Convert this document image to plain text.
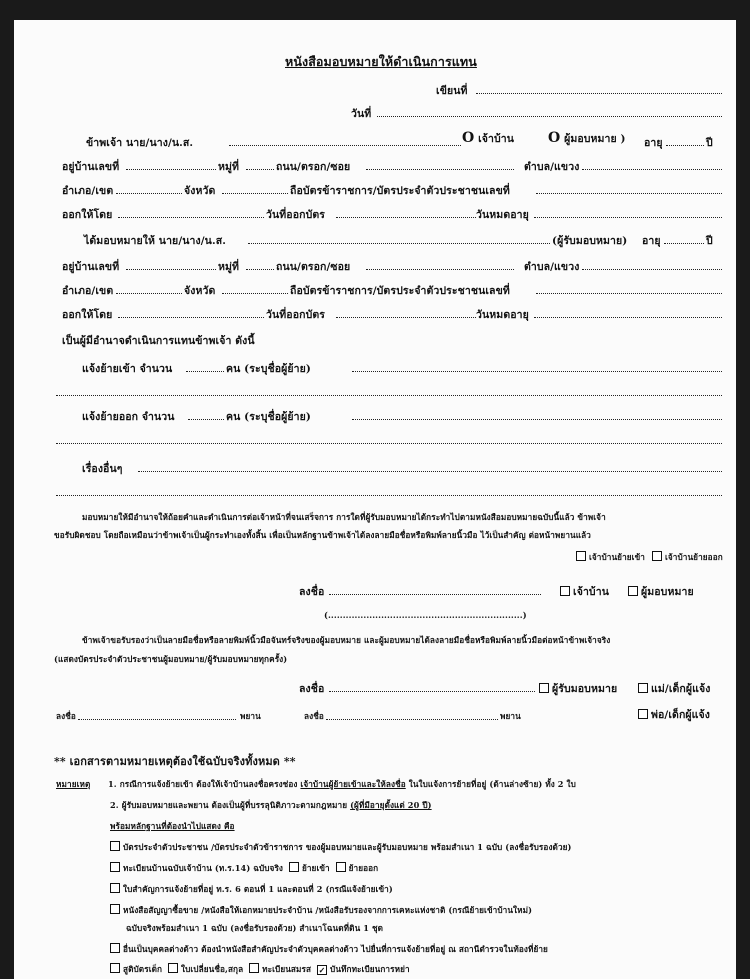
หนังสือมอบหมายให้ดำเนินการแทน
เขียนที่
วันที่
ข้าพเจ้า นาย/นาง/น.ส.	O เจ้าบ้าน O ผู้มอบหมาย ) อายุ	ปี
อยู่บ้านเลขที่	หมู่ที่	ถนน/ตรอก/ซอย	ตำบล/แขวง
อำเภอ/เขต	จังหวัด	ถือบัตรข้าราชการ/บัตรประจำตัวประชาชนเลขที่
ออกให้โดย	วันที่ออกบัตร	วันหมดอายุ
ได้มอบหมายให้ นาย/นาง/น.ส.	(ผู้รับมอบหมาย) อายุ	ปี
อยู่บ้านเลขที่	หมู่ที่	ถนน/ตรอก/ซอย	ตำบล/แขวง
อำเภอ/เขต	จังหวัด	ถือบัตรข้าราชการ/บัตรประจำตัวประชาชนเลขที่
ออกให้โดย	วันที่ออกบัตร	วันหมดอายุ
เป็นผู้มีอำนาจดำเนินการแทนข้าพเจ้า ดังนี้
แจ้งย้ายเข้า จำนวน	คน (ระบุชื่อผู้ย้าย)
แจ้งย้ายออก จำนวน	คน (ระบุชื่อผู้ย้าย)
เรื่องอื่นๆ
มอบหมายให้มีอำนาจให้ถ้อยคำและดำเนินการต่อเจ้าหน้าที่จนเสร็จการ การใดที่ผู้รับมอบหมายได้กระทำไปตามหนังสือมอบหมายฉบับนี้แล้ว ข้าพเจ้า
ขอรับผิดชอบ โดยถือเหมือนว่าข้าพเจ้าเป็นผู้กระทำเองทั้งสิ้น เพื่อเป็นหลักฐานข้าพเจ้าได้ลงลายมือชื่อหรือพิมพ์ลายนิ้วมือ ไว้เป็นสำคัญ ต่อหน้าพยานแล้ว
เจ้าบ้านย้ายเข้า	เจ้าบ้านย้ายออก
ลงชื่อ	เจ้าบ้าน	ผู้มอบหมาย
(..................................................................)
ข้าพเจ้าขอรับรองว่าเป็นลายมือชื่อหรือลายพิมพ์นิ้วมือจันทร์จริงของผู้มอบหมาย และผู้มอบหมายได้ลงลายมือชื่อหรือพิมพ์ลายนิ้วมือต่อหน้าข้าพเจ้าจริง
(แสดงบัตรประจำตัวประชาชนผู้มอบหมาย/ผู้รับมอบหมายทุกครั้ง)
ลงชื่อ	ผู้รับมอบหมาย	แม่/เด็กผู้แจ้ง
ลงชื่อ	พยาน	ลงชื่อ	พยาน	พ่อ/เด็กผู้แจ้ง
** เอกสารตามหมายเหตุต้องใช้ฉบับจริงทั้งหมด **
หมายเหตุ 1. กรณีการแจ้งย้ายเข้า ต้องให้เจ้าบ้านลงชื่อครงช่อง เจ้าบ้านผู้ย้ายเข้าและให้ลงชื่อ ในใบแจ้งการย้ายที่อยู่ (ด้านล่างซ้าย) ทั้ง 2 ใบ
2. ผู้รับมอบหมายและพยาน ต้องเป็นผู้ที่บรรลุนิติภาวะตามกฎหมาย (ผู้ที่มีอายุตั้งแต่ 20 ปี)
พร้อมหลักฐานที่ต้องนำไปแสดง คือ
บัตรประจำตัวประชาชน /บัตรประจำตัวข้าราชการ ของผู้มอบหมายและผู้รับมอบหมาย พร้อมสำเนา 1 ฉบับ (ลงชื่อรับรองด้วย)
ทะเบียนบ้านฉบับเจ้าบ้าน (ท.ร.14) ฉบับจริง ย้ายเข้า ย้ายออก
ใบสำคัญการแจ้งย้ายที่อยู่ ท.ร. 6 ตอนที่ 1 และตอนที่ 2 (กรณีแจ้งย้ายเข้า)
หนังสือสัญญาซื้อขาย /หนังสือให้เอกหมายประจำบ้าน /หนังสือรับรองจากการเคหะแห่งชาติ (กรณีย้ายเข้าบ้านใหม่)
ฉบับจริงพร้อมสำเนา 1 ฉบับ (ลงชื่อรับรองด้วย) สำเนาโฉนดที่ดิน 1 ชุด
อื่นเป็นบุคคลต่างด้าว ต้องนำหนังสือสำคัญประจำตัวบุคคลต่างด้าว ไปยื่นที่การแจ้งย้ายที่อยู่ ณ สถานีตำรวจในท้องที่ย้าย
สูติบัตรเด็ก ใบเปลี่ยนชื่อ,สกุล ทะเบียนสมรส  ✓ บันทึกทะเบียนการหย่า
